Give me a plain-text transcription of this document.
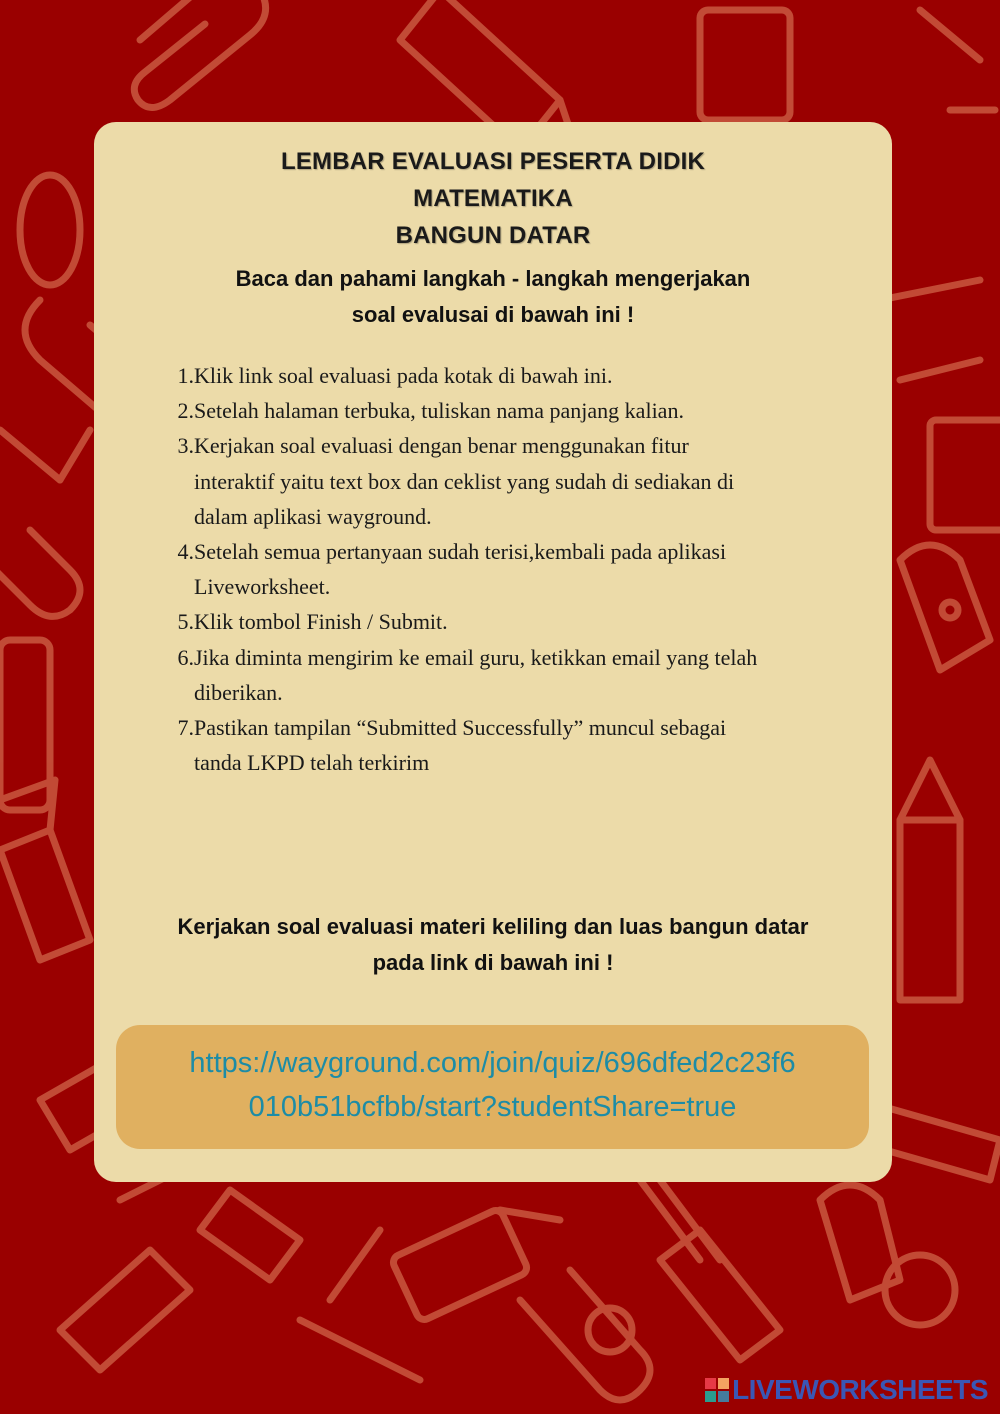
LEMBAR EVALUASI PESERTA DIDIK
MATEMATIKA
BANGUN DATAR
Baca dan pahami langkah - langkah mengerjakan
soal evalusai di bawah ini !
1. Klik link soal evaluasi pada kotak di bawah ini.
2. Setelah halaman terbuka, tuliskan nama panjang kalian.
3. Kerjakan soal evaluasi dengan benar menggunakan fitur
interaktif yaitu text box dan ceklist yang sudah di sediakan di
dalam aplikasi wayground.
4. Setelah semua pertanyaan sudah terisi,kembali pada aplikasi
Liveworksheet.
5. Klik tombol Finish / Submit.
6. Jika diminta mengirim ke email guru, ketikkan email yang telah
diberikan.
7. Pastikan tampilan “Submitted Successfully” muncul sebagai
tanda LKPD telah terkirim
Kerjakan soal evaluasi materi keliling dan luas bangun datar
pada link di bawah ini !
https://wayground.com/join/quiz/696dfed2c23f6
010b51bcfbb/start?studentShare=true
LIVEWORKSHEETS
